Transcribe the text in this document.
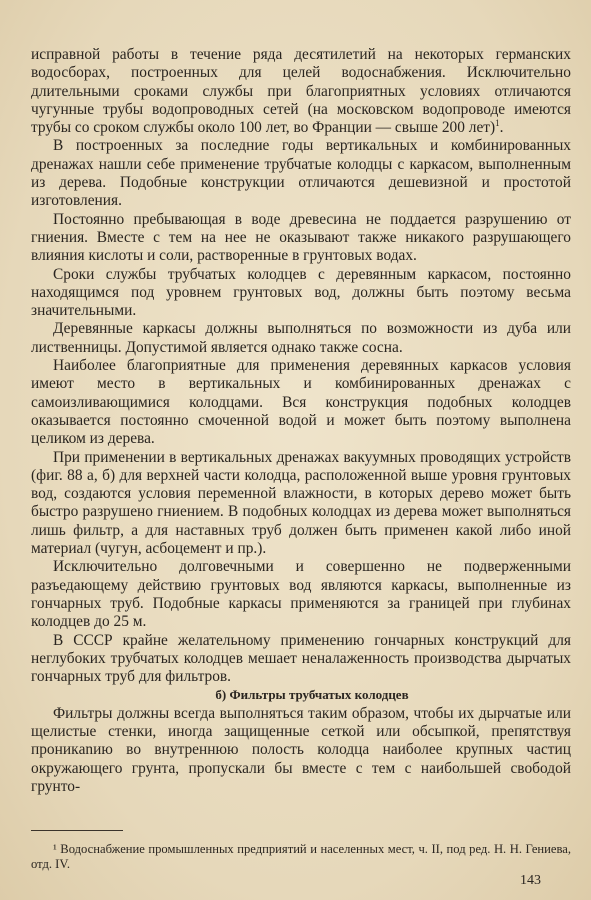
исправной работы в течение ряда десятилетий на некоторых германских водосборах, построенных для целей водоснабжения. Исключительно длительными сроками службы при благоприятных условиях отличаются чугунные трубы водопроводных сетей (на московском водопроводе имеются трубы со сроком службы около 100 лет, во Франции — свыше 200 лет)$^1$.

В построенных за последние годы вертикальных и комбинированных дренажах нашли себе применение трубчатые колодцы с каркасом, выполненным из дерева. Подобные конструкции отличаются дешевизной и простотой изготовления.

Постоянно пребывающая в воде древесина не поддается разрушению от гниения. Вместе с тем на нее не оказывают также никакого разрушающего влияния кислоты и соли, растворенные в грунтовых водах.

Сроки службы трубчатых колодцев с деревянным каркасом, постоянно находящимся под уровнем грунтовых вод, должны быть поэтому весьма значительными.

Деревянные каркасы должны выполняться по возможности из дуба или лиственницы. Допустимой является однако также сосна.

Наиболее благоприятные для применения деревянных каркасов условия имеют место в вертикальных и комбинированных дренажах с самоизливающимися колодцами. Вся конструкция подобных колодцев оказывается постоянно смоченной водой и может быть поэтому выполнена целиком из дерева.

При применении в вертикальных дренажах вакуумных проводящих устройств (фиг. 88 а, б) для верхней части колодца, расположенной выше уровня грунтовых вод, создаются условия переменной влажности, в которых дерево может быть быстро разрушено гниением. В подобных колодцах из дерева может выполняться лишь фильтр, а для наставных труб должен быть применен какой либо иной материал (чугун, асбоцемент и пр.).

Исключительно долговечными и совершенно не подверженными разъедающему действию грунтовых вод являются каркасы, выполненные из гончарных труб. Подобные каркасы применяются за границей при глубинах колодцев до 25 м.

В СССР крайне желательному применению гончарных конструкций для неглубоких трубчатых колодцев мешает неналаженность производства дырчатых гончарных труб для фильтров.

б) Фильтры трубчатых колодцев

Фильтры должны всегда выполняться таким образом, чтобы их дырчатые или щелистые стенки, иногда защищенные сеткой или обсыпкой, препятствуя проникanию во внутреннюю полость колодца наиболее крупных частиц окружающего грунта, пропускали бы вместе с тем с наибольшей свободой грунто-

¹ Водоснабжение промышленных предприятий и населенных мест, ч. II, под ред. Н. Н. Гениева, отд. IV.
143
